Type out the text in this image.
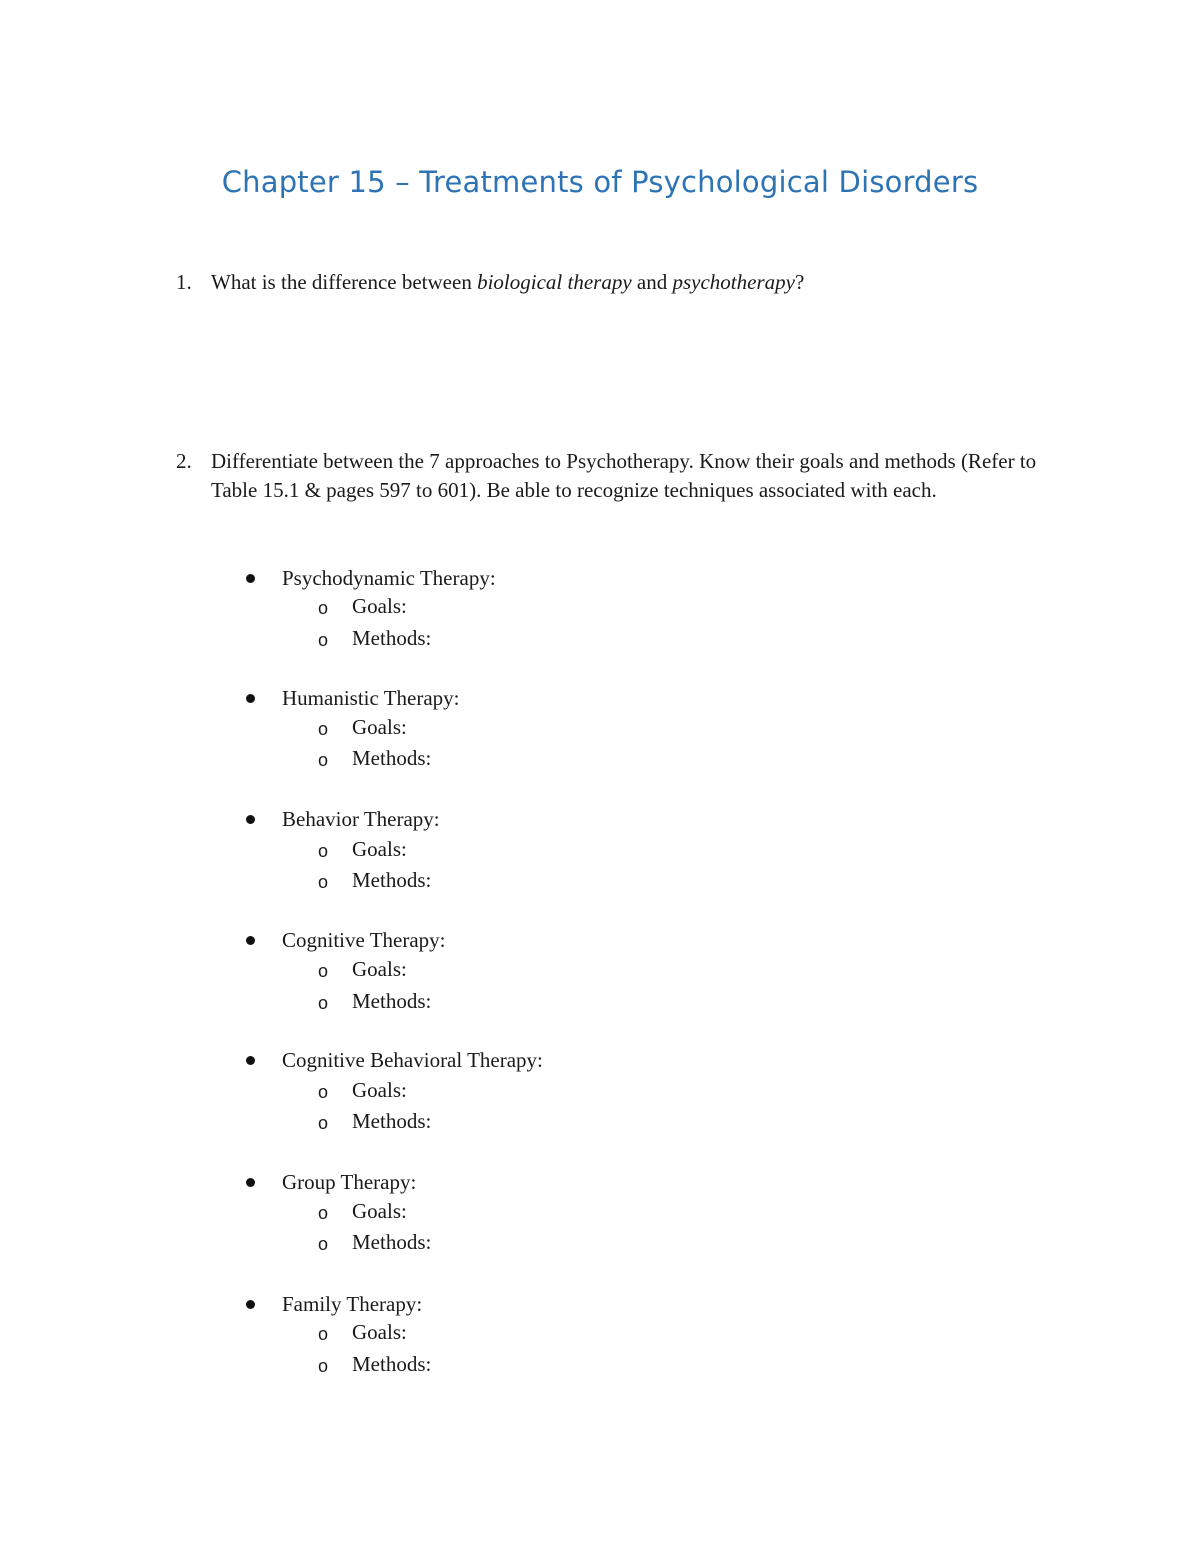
Chapter 15 – Treatments of Psychological Disorders
1. What is the difference between biological therapy and psychotherapy?
2. Differentiate between the 7 approaches to Psychotherapy. Know their goals and methods (Refer to Table 15.1 & pages 597 to 601). Be able to recognize techniques associated with each.
Psychodynamic Therapy:
o Goals:
o Methods:
Humanistic Therapy:
o Goals:
o Methods:
Behavior Therapy:
o Goals:
o Methods:
Cognitive Therapy:
o Goals:
o Methods:
Cognitive Behavioral Therapy:
o Goals:
o Methods:
Group Therapy:
o Goals:
o Methods:
Family Therapy:
o Goals:
o Methods:
